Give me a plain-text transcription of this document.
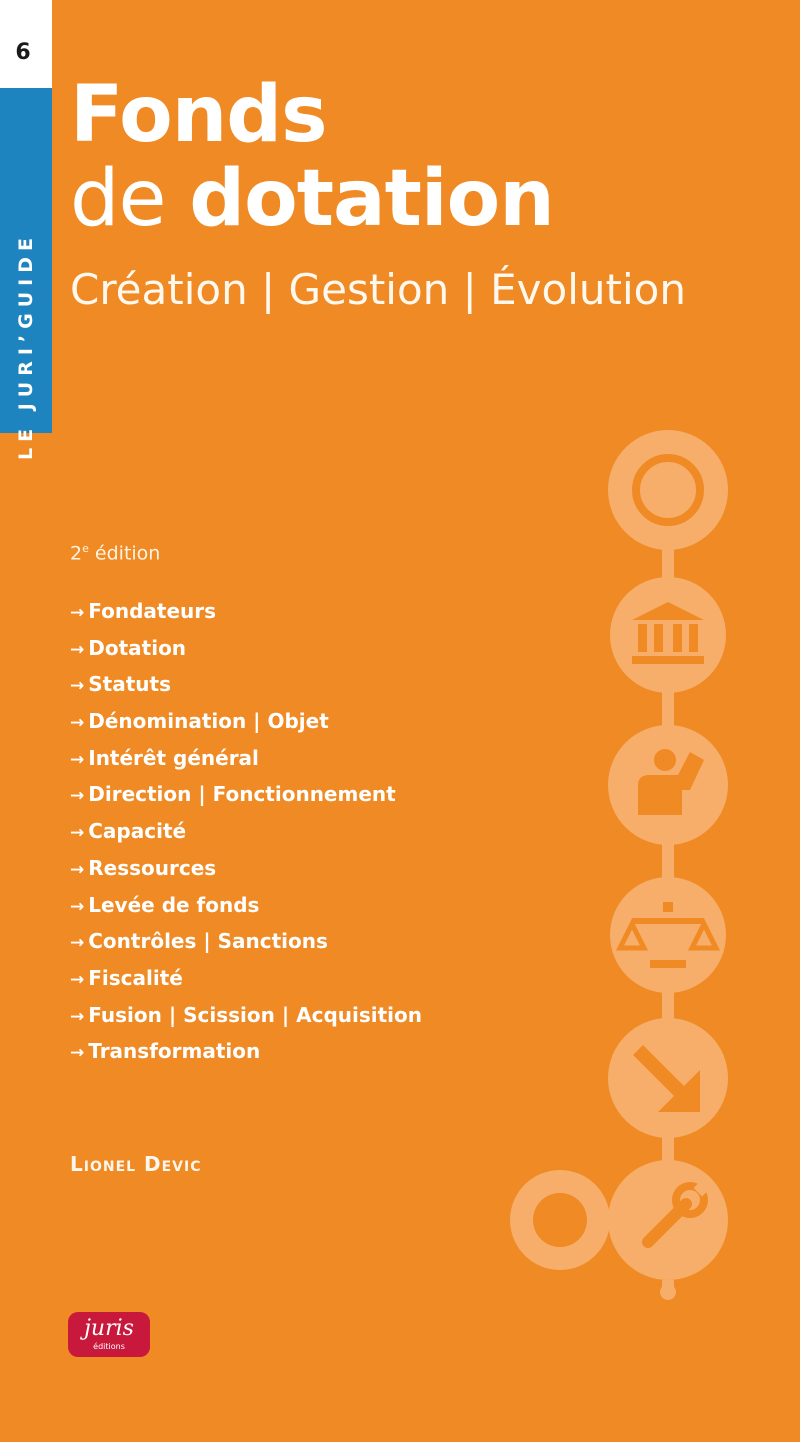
6
LE JURI’GUIDE
Fonds
de dotation
Création | Gestion | Évolution
2e édition
→ Fondateurs
→ Dotation
→ Statuts
→ Dénomination | Objet
→ Intérêt général
→ Direction | Fonctionnement
→ Capacité
→ Ressources
→ Levée de fonds
→ Contrôles | Sanctions
→ Fiscalité
→ Fusion | Scission | Acquisition
→ Transformation
Lionel Devic
juris
éditions
